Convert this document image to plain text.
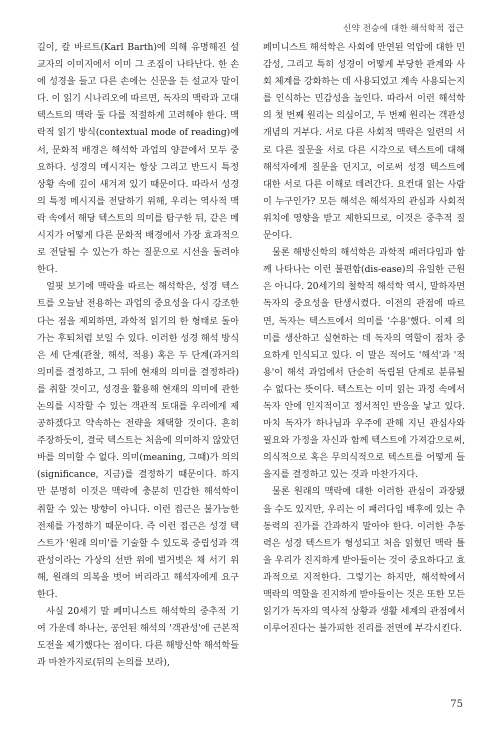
신약 전승에 대한 해석학적 접근

길이, 칼 바르트(Karl Barth)에 의해 유명해진 설교자의 이미지에서 이미 그 조짐이 나타난다. 한 손에 성경을 들고 다른 손에는 신문을 든 설교자 말이다. 이 읽기 시나리오에 따르면, 독자의 맥락과 고대 텍스트의 맥락 둘 다를 적절하게 고려해야 한다. 맥락적 읽기 방식(contextual mode of reading)에서, 문화적 배경은 해석학 과업의 양끝에서 모두 중요하다. 성경의 메시지는 항상 그리고 반드시 특정 상황 속에 깊이 새겨져 있기 때문이다. 따라서 성경의 특정 메시지를 전달하기 위해, 우리는 역사적 맥락 속에서 해당 텍스트의 의미를 탐구한 뒤, 같은 메시지가 어떻게 다른 문화적 배경에서 가장 효과적으로 전달될 수 있는가 하는 질문으로 시선을 돌려야 한다.

얼핏 보기에 맥락을 따르는 해석학은, 성경 텍스트를 오늘날 전용하는 과업의 중요성을 다시 강조한다는 점을 제외하면, 과학적 읽기의 한 형태로 돌아가는 후퇴처럼 보일 수 있다. 이러한 성경 해석 방식은 세 단계(관찰, 해석, 적용) 혹은 두 단계(과거의 의미를 결정하고, 그 뒤에 현재의 의미를 결정하라)를 취할 것이고, 성경을 활용해 현재의 의미에 관한 논의를 시작할 수 있는 객관적 토대를 우리에게 제공하겠다고 약속하는 전략을 채택할 것이다. 흔히 주장하듯이, 결국 텍스트는 처음에 의미하지 않았던 바를 의미할 수 없다. 의미(meaning, 그때)가 의의(significance, 지금)를 결정하기 때문이다. 하지만 분명히 이것은 맥락에 충분히 민감한 해석학이 취할 수 있는 방향이 아니다. 이런 접근은 불가능한 전제를 가정하기 때문이다. 즉 이런 접근은 성경 텍스트가 '원래 의미'를 기술할 수 있도록 중립성과 객관성이라는 가상의 선반 위에 벌거벗은 채 서기 위해, 원래의 의복을 벗어 버리라고 해석자에게 요구한다.

사실 20세기 말 페미니스트 해석학의 중추적 기여 가운데 하나는, 공언된 해석의 '객관성'에 근본적 도전을 제기했다는 점이다. 다른 해방신학 해석학들과 마찬가지로(뒤의 논의를 보라),

페미니스트 해석학은 사회에 만연된 억압에 대한 민감성, 그리고 특히 성경이 어떻게 부당한 관계와 사회 체계를 강화하는 데 사용되었고 계속 사용되는지를 인식하는 민감성을 높인다. 따라서 이런 해석학의 첫 번째 원리는 의심이고, 두 번째 원리는 객관성 개념의 거부다. 서로 다른 사회적 맥락은 일련의 서로 다른 질문을 서로 다른 시각으로 텍스트에 대해 해석자에게 질문을 던지고, 이로써 성경 텍스트에 대한 서로 다른 이해로 데려간다. 요컨대 읽는 사람이 누구인가? 모든 해석은 해석자의 관심과 사회적 위치에 영향을 받고 제한되므로, 이것은 중추적 질문이다.

물론 해방신학의 해석학은 과학적 패러다임과 함께 나타나는 이런 불편함(dis-ease)의 유일한 근원은 아니다. 20세기의 철학적 해석학 역시, 말하자면 독자의 중요성을 탄생시켰다. 이전의 관점에 따르면, 독자는 텍스트에서 의미를 '수용'했다. 이제 의미를 생산하고 실현하는 데 독자의 역할이 점차 중요하게 인식되고 있다. 이 말은 적어도 '해석'과 '적용'이 해석 과업에서 단순히 독립된 단계로 분류될 수 없다는 뜻이다. 텍스트는 이미 읽는 과정 속에서 독자 안에 인지적이고 정서적인 반응을 낳고 있다. 마치 독자가 하나님과 우주에 관해 지닌 관심사와 필요와 가정을 자신과 함께 텍스트에 가져감으로써, 의식적으로 혹은 무의식적으로 텍스트를 어떻게 들을지를 결정하고 있는 것과 마찬가지다.

물론 원래의 맥락에 대한 이러한 관심이 과장됐을 수도 있지만, 우리는 이 패러다임 배후에 있는 추동력의 진가를 간과하지 말아야 한다. 이러한 추동력은 성경 텍스트가 형성되고 처음 읽혔던 맥락 틀을 우리가 진지하게 받아들이는 것이 중요하다고 효과적으로 지적한다. 그렇기는 하지만, 해석학에서 맥락의 역할을 진지하게 받아들이는 것은 또한 모든 읽기가 독자의 역사적 상황과 생활 세계의 관점에서 이루어진다는 불가피한 진리를 전면에 부각시킨다.

75
